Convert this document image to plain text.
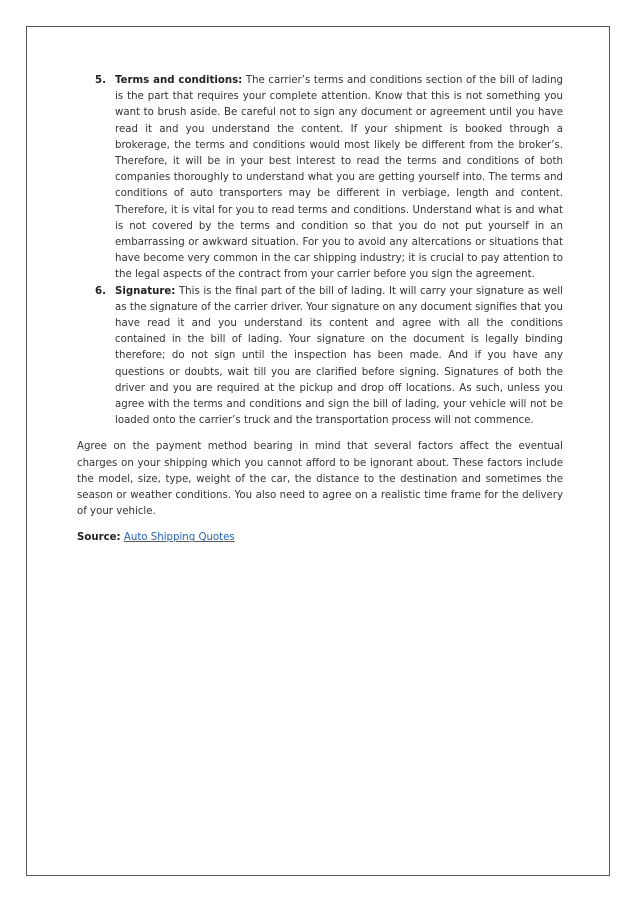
5. Terms and conditions: The carrier’s terms and conditions section of the bill of lading is the part that requires your complete attention. Know that this is not something you want to brush aside. Be careful not to sign any document or agreement until you have read it and you understand the content. If your shipment is booked through a brokerage, the terms and conditions would most likely be different from the broker’s. Therefore, it will be in your best interest to read the terms and conditions of both companies thoroughly to understand what you are getting yourself into. The terms and conditions of auto transporters may be different in verbiage, length and content. Therefore, it is vital for you to read terms and conditions. Understand what is and what is not covered by the terms and condition so that you do not put yourself in an embarrassing or awkward situation. For you to avoid any altercations or situations that have become very common in the car shipping industry; it is crucial to pay attention to the legal aspects of the contract from your carrier before you sign the agreement.
6. Signature: This is the final part of the bill of lading. It will carry your signature as well as the signature of the carrier driver. Your signature on any document signifies that you have read it and you understand its content and agree with all the conditions contained in the bill of lading. Your signature on the document is legally binding therefore; do not sign until the inspection has been made. And if you have any questions or doubts, wait till you are clarified before signing. Signatures of both the driver and you are required at the pickup and drop off locations. As such, unless you agree with the terms and conditions and sign the bill of lading, your vehicle will not be loaded onto the carrier’s truck and the transportation process will not commence.

Agree on the payment method bearing in mind that several factors affect the eventual charges on your shipping which you cannot afford to be ignorant about. These factors include the model, size, type, weight of the car, the distance to the destination and sometimes the season or weather conditions. You also need to agree on a realistic time frame for the delivery of your vehicle.

Source: Auto Shipping Quotes
